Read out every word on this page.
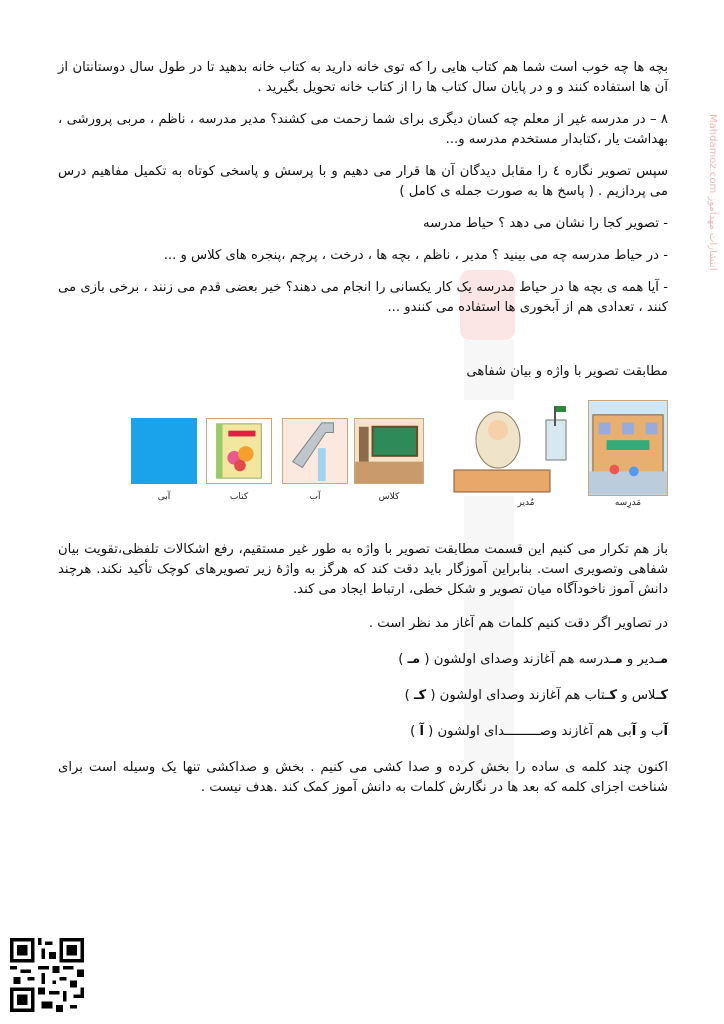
انتشارات مهدآموز Mahdamoz.com

بچه ها چه خوب است شما هم کتاب هایی را که توی خانه دارید به کتاب خانه بدهید تا در طول سال دوستانتان از آن ها استفاده کنند و و در پایان سال کتاب ها را از کتاب خانه تحویل بگیرید .

۸ – در مدرسه غیر از معلم چه کسان دیگری برای شما زحمت می کشند؟ مدیر مدرسه ، ناظم ، مربی پرورشی ، بهداشت یار ،کتابدار مستخدم مدرسه و...

سپس تصویر نگاره ٤ را مقابل دیدگان آن ها قرار می دهیم و با پرسش و پاسخی کوتاه به تکمیل مفاهیم درس می پردازیم . ( پاسخ ها به صورت جمله ی کامل )

- تصویر کجا را نشان می دهد ؟ حیاط مدرسه

- در حیاط مدرسه چه می بینید ؟ مدیر ، ناظم ، بچه ها ، درخت ، پرچم ،پنجره های کلاس و ...

- آیا همه ی بچه ها در حیاط مدرسه یک کار یکسانی را انجام می دهند؟ خیر بعضی قدم می زنند ، برخی بازی می کنند ، تعدادی هم از آبخوری ها استفاده می کنندو ...

مطابقت تصویر با واژه و بیان شفاهی

آبی	کتاب	آب	کلاس
مُدیر	مَدرِسه

باز هم تکرار می کنیم این قسمت مطابقت تصویر با واژه به طور غیر مستقیم، رفع اشکالات تلفظی،تقویت بیان شفاهی وتصویری است. بنابراین آموزگار باید دقت کند که هرگز به واژهٔ زیر تصویرهای کوچک تأکید نکند. هرچند دانش آموز ناخودآگاه میان تصویر و شکل خطی، ارتباط ایجاد می کند.

در تصاویر اگر دقت کنیم کلمات هم آغاز مد نظر است .

مـدیر و مـدرسه هم آغازند وصدای اولشون ( مـ )

کـلاس و کـتاب هم آغازند وصدای اولشون ( کـ )

آب و آبی هم آغازند وصـــــــــدای اولشون ( آ )

اکنون چند کلمه ی ساده را بخش کرده و صدا کشی می کنیم . بخش و صداکشی تنها یک وسیله است برای شناخت اجزای کلمه که بعد ها در نگارش کلمات به دانش آموز کمک کند .هدف نیست .
